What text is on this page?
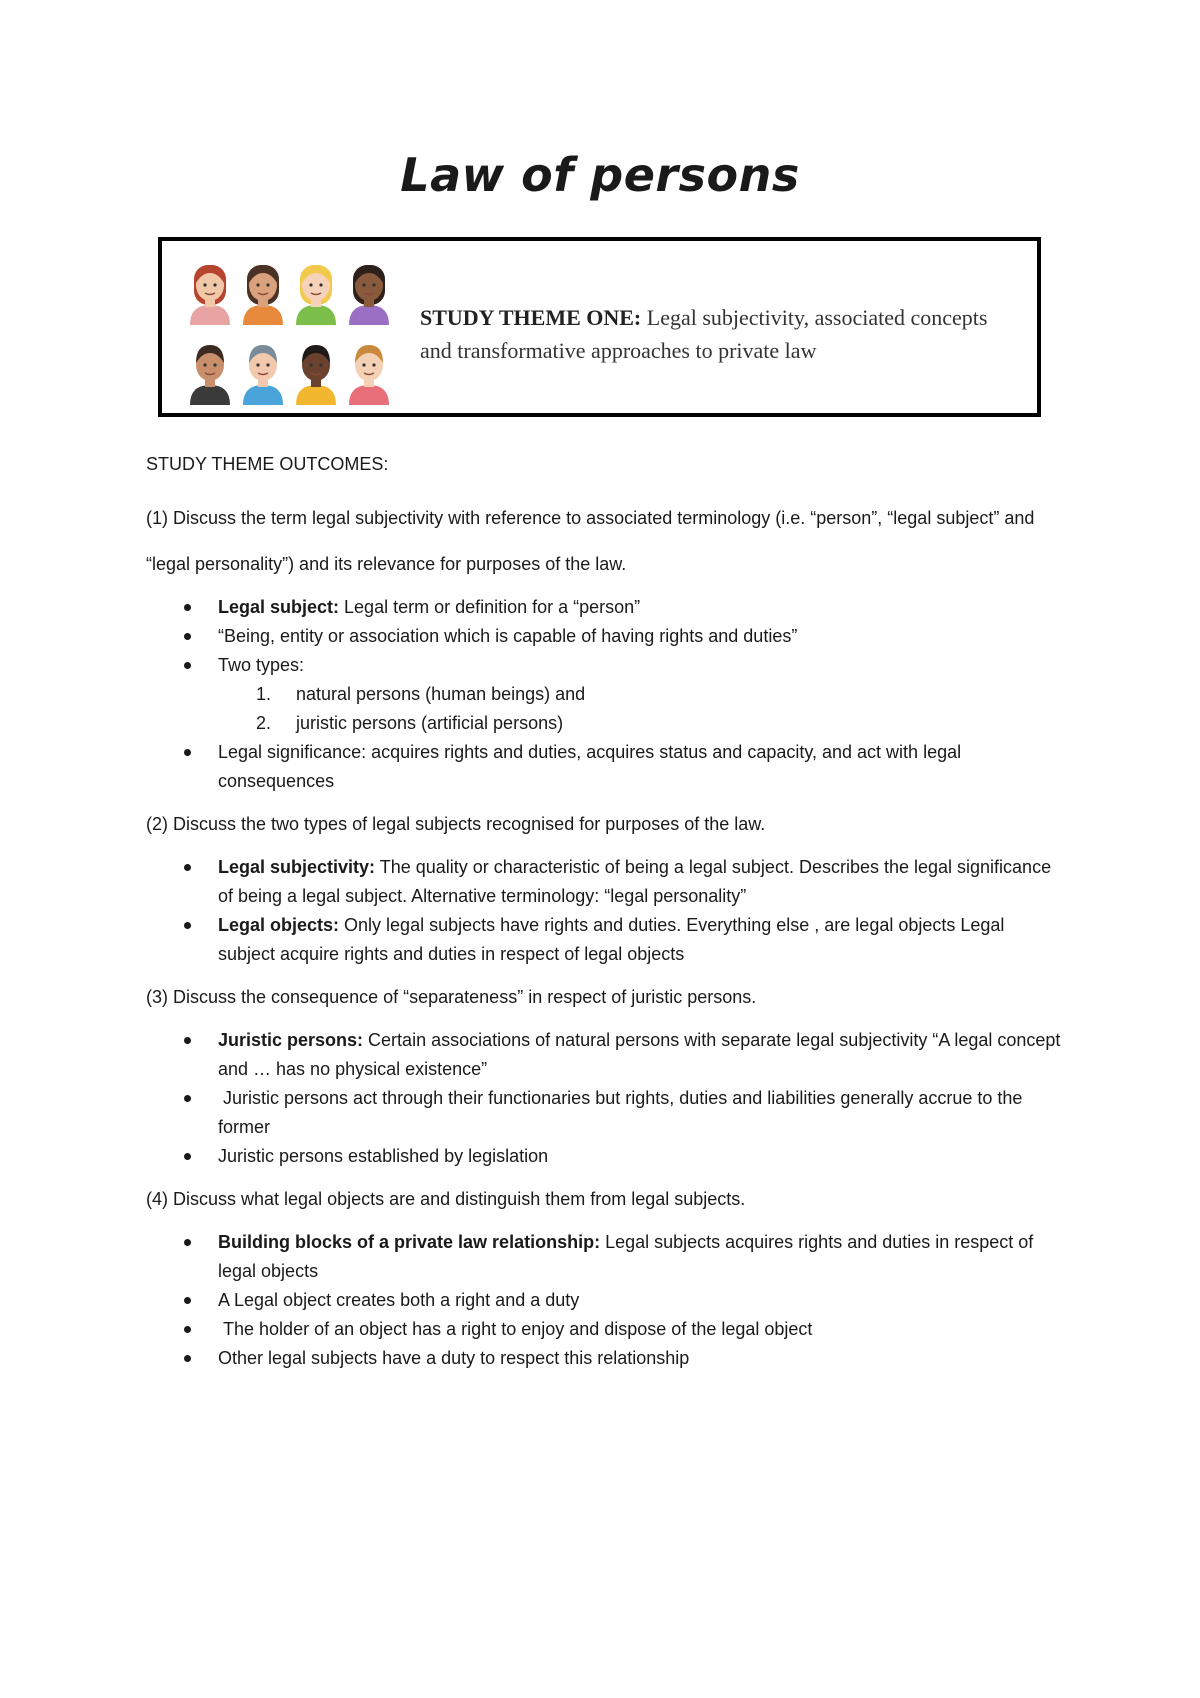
Law of persons
STUDY THEME ONE: Legal subjectivity, associated concepts and transformative approaches to private law

STUDY THEME OUTCOMES:

(1) Discuss the term legal subjectivity with reference to associated terminology (i.e. “person”, “legal subject” and “legal personality”) and its relevance for purposes of the law.

Legal subject: Legal term or definition for a “person”
“Being, entity or association which is capable of having rights and duties”
Two types:
1. natural persons (human beings) and
2. juristic persons (artificial persons)
Legal significance: acquires rights and duties, acquires status and capacity, and act with legal consequences

(2) Discuss the two types of legal subjects recognised for purposes of the law.

Legal subjectivity: The quality or characteristic of being a legal subject. Describes the legal significance of being a legal subject. Alternative terminology: “legal personality”
Legal objects: Only legal subjects have rights and duties. Everything else , are legal objects Legal subject acquire rights and duties in respect of legal objects

(3) Discuss the consequence of “separateness” in respect of juristic persons.

Juristic persons: Certain associations of natural persons with separate legal subjectivity “A legal concept and … has no physical existence”
Juristic persons act through their functionaries but rights, duties and liabilities generally accrue to the former
Juristic persons established by legislation

(4) Discuss what legal objects are and distinguish them from legal subjects.

Building blocks of a private law relationship: Legal subjects acquires rights and duties in respect of legal objects
A Legal object creates both a right and a duty
The holder of an object has a right to enjoy and dispose of the legal object
Other legal subjects have a duty to respect this relationship
